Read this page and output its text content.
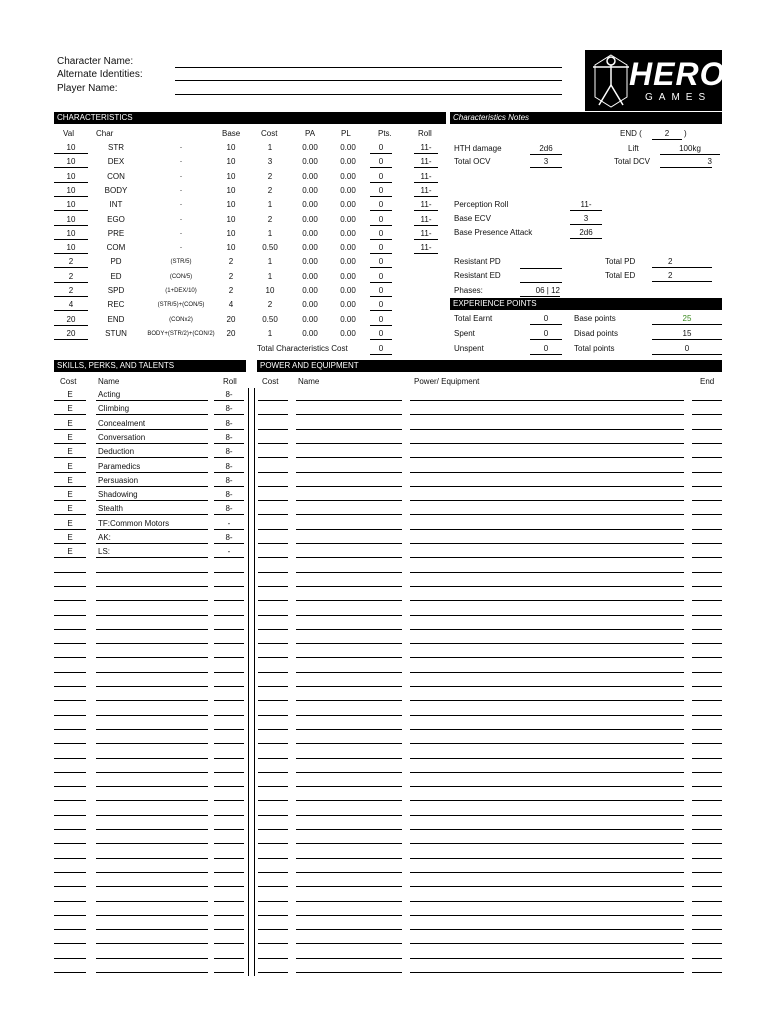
Character Name:
Alternate Identities:
Player Name:	HERO
GAMES
CHARACTERISTICS	Characteristics Notes
Val	Char	Base	Cost	PA	PL	Pts.	Roll
10	STR	-	10	1	0.00	0.00	0	11-
10	DEX	-	10	3	0.00	0.00	0	11-
10	CON	-	10	2	0.00	0.00	0	11-
10	BODY	-	10	2	0.00	0.00	0	11-
10	INT	-	10	1	0.00	0.00	0	11-
10	EGO	-	10	2	0.00	0.00	0	11-
10	PRE	-	10	1	0.00	0.00	0	11-
10	COM	-	10	0.50	0.00	0.00	0	11-
2	PD	(STR/5)	2	1	0.00	0.00	0
2	ED	(CON/5)	2	1	0.00	0.00	0
2	SPD	(1+DEX/10)	2	10	0.00	0.00	0
4	REC	(STR/5)+(CON/5)	4	2	0.00	0.00	0
20	END	(CONx2)	20	0.50	0.00	0.00	0
20	STUN	BODY+(STR/2)+(CON/2)	20	1	0.00	0.00	0
Total Characteristics Cost	0
END (	2	)
HTH damage	2d6	Lift	100kg
Total OCV	3	Total DCV	3
Perception Roll	11-
Base ECV	3
Base Presence Attack	2d6
Resistant PD	Total PD	2
Resistant ED	Total ED	2
Phases:	06 | 12
EXPERIENCE POINTS
Total Earnt	0	Base points	25
Spent	0	Disad points	15
Unspent	0	Total points	0
SKILLS, PERKS, AND TALENTS
Cost	Name	Roll
POWER AND EQUIPMENT
Cost Name	Power/ Equipment	End
E	Acting	8-
E	Climbing	8-
E	Concealment	8-
E	Conversation	8-
E	Deduction	8-
E	Paramedics	8-
E	Persuasion	8-
E	Shadowing	8-
E	Stealth	8-
E	TF:Common Motors	-
E	AK:	8-
E	LS:	-
